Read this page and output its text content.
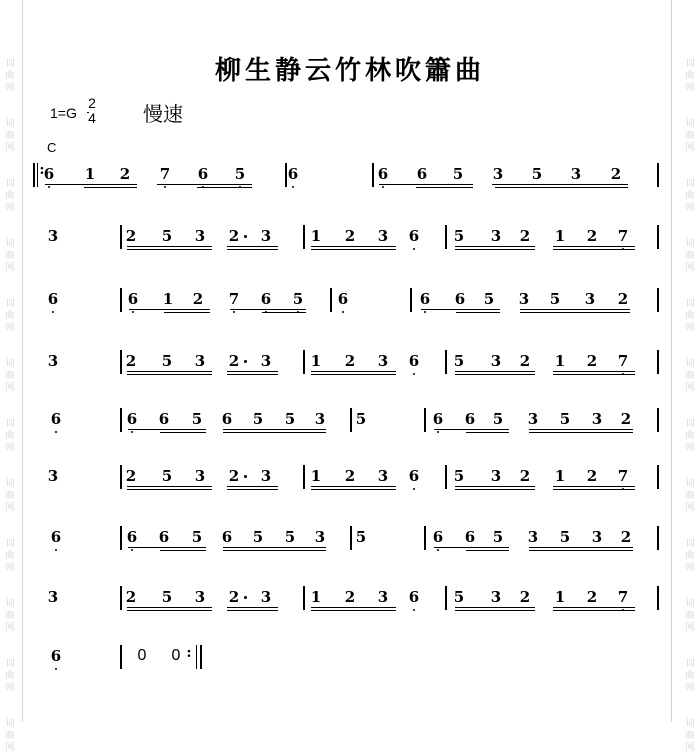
词
曲
网
词
曲
网
词
曲
网
词
曲
网
词
曲
网
词
曲
网
词
曲
网
词
曲
网
词
曲
网
词
曲
网
词
曲
网
词
曲
网
词
曲
网
词
曲
网
词
曲
网
词
曲
网
词
曲
网
词
曲
网
词
曲
网
词
曲
网
词
曲
网
词
曲
网
词
曲
网
词
曲
网
柳生静云竹林吹簫曲
1=G
2
4 慢速
C
: 6 1 2 7 6 5	6	6 6 5 3 5 3 2
3	2 5 3 2 3	1 2 3 6 5 3 2 1 2 7
6	6 1 2 7 6 5 6	6 6 5 3 5 3 2
3	2 5 3 2 3	1 2 3 6 5 3 2 1 2 7
6	6 6 5 6 5 5 3 5	6 6 5 3 5 3 2
3	2 5 3 2 3	1 2 3 6 5 3 2 1 2 7
6	6 6 5 6 5 5 3 5	6 6 5 3 5 3 2
3	2 5 3 2 3	1 2 3 6 5 3 2 1 2 7
6	0 0 :
